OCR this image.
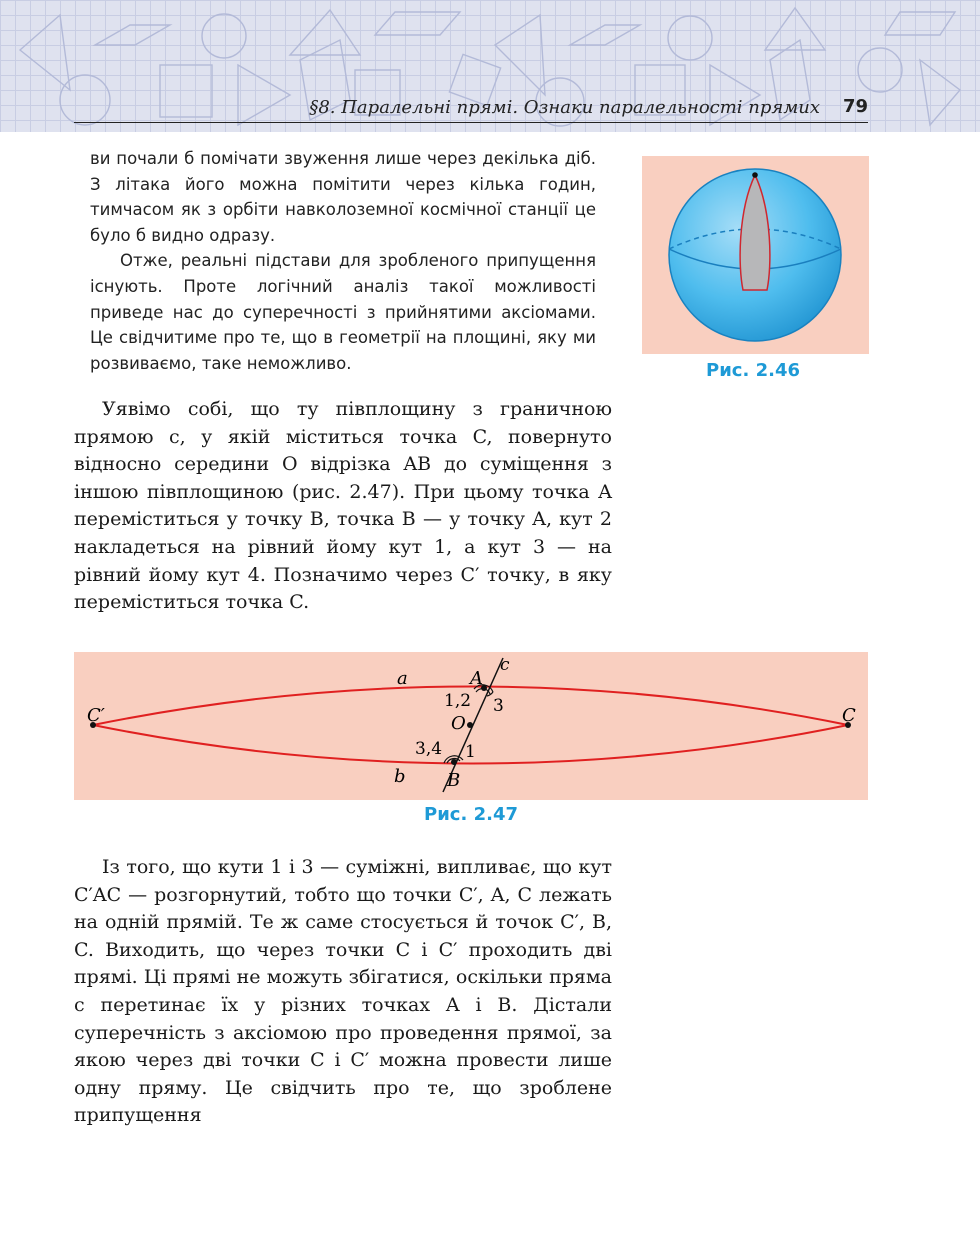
§8. Паралельні прямі. Ознаки паралельності прямих 79

ви почали б помічати звуження лише через декілька діб. З літака його можна помітити через кілька годин, тимчасом як з орбіти навколоземної космічної станції це було б видно одразу.

Отже, реальні підстави для зробленого припущення існують. Проте логічний аналіз такої можливості приведе нас до суперечності з прийнятими аксіомами. Це свідчитиме про те, що в геометрії на площині, яку ми розвиваємо, таке неможливо.	Рис. 2.46

Уявімо собі, що ту півплощину з граничною прямою c, у якій міститься точка C, повернуто відносно середини O відрізка AB до суміщення з іншою півплощиною (рис. 2.47). При цьому точка A переміститься у точку B, точка B — у точку A, кут 2 накладеться на рівний йому кут 1, а кут 3 — на рівний йому кут 4. Позначимо через C′ точку, в яку переміститься точка C.

C′	C
a
b
A
B
O
c
1,2 3
3,4 1
Рис. 2.47

Із того, що кути 1 і 3 — суміжні, випливає, що кут C′AC — розгорнутий, тобто що точки C′, A, C лежать на одній прямій. Те ж саме стосується й точок C′, B, C. Виходить, що через точки C і C′ проходить дві прямі. Ці прямі не можуть збігатися, оскільки пряма c перетинає їх у різних точках A і B. Дістали суперечність з аксіомою про проведення прямої, за якою через дві точки C і C′ можна провести лише одну пряму. Це свідчить про те, що зроблене припущення
